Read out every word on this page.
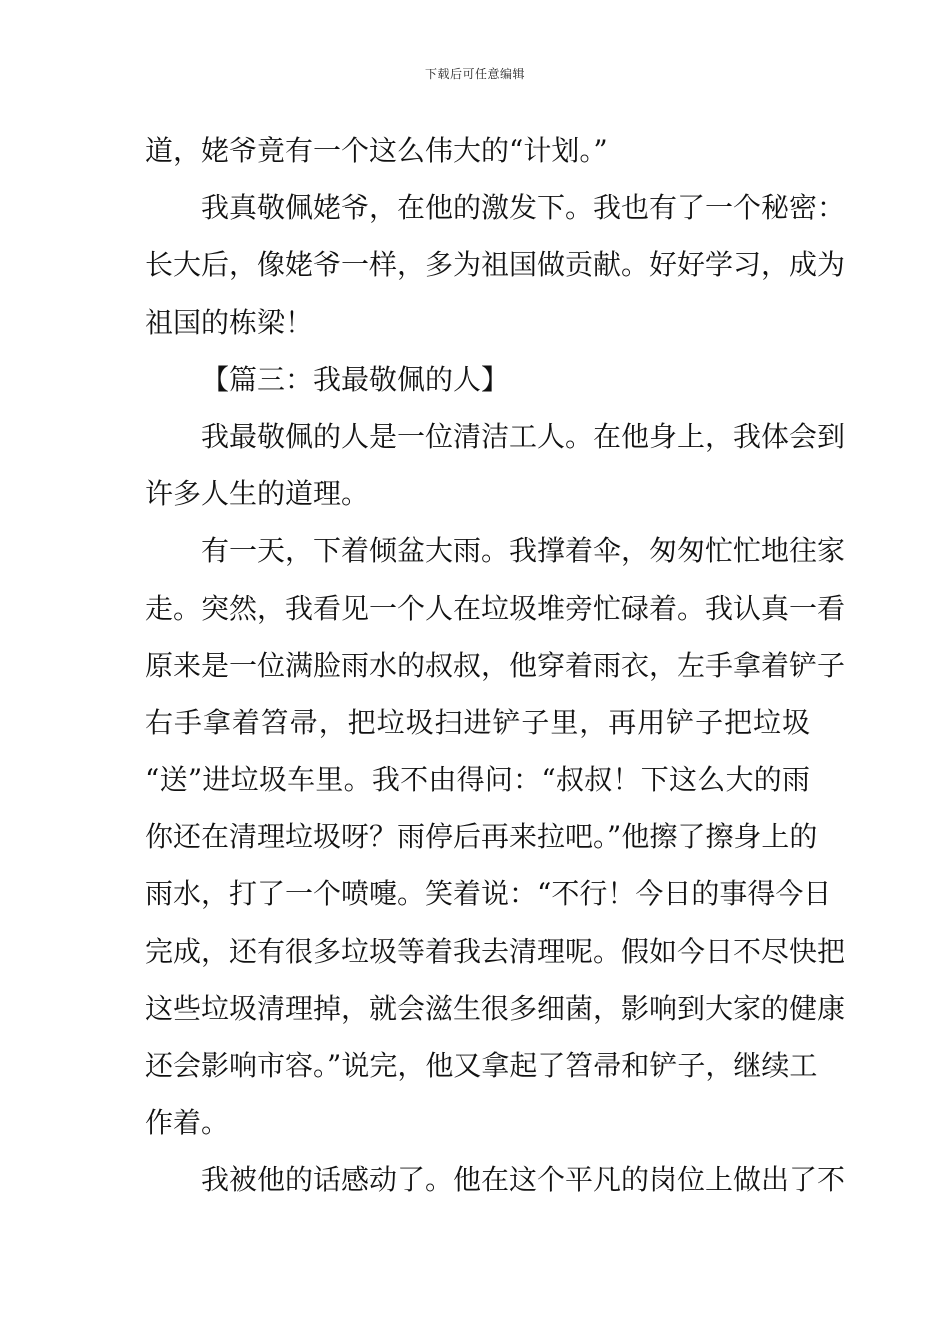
下载后可任意编辑
道，姥爷竟有一个这么伟大的“计划。”
我真敬佩姥爷，在他的激发下。我也有了一个秘密：
长大后，像姥爷一样，多为祖国做贡献。好好学习，成为
祖国的栋梁！
【篇三：我最敬佩的人】
我最敬佩的人是一位清洁工人。在他身上，我体会到
许多人生的道理。
有一天，下着倾盆大雨。我撑着伞，匆匆忙忙地往家
走。突然，我看见一个人在垃圾堆旁忙碌着。我认真一看
原来是一位满脸雨水的叔叔，他穿着雨衣，左手拿着铲子
右手拿着笤帚，把垃圾扫进铲子里，再用铲子把垃圾
“送”进垃圾车里。我不由得问：“叔叔！下这么大的雨
你还在清理垃圾呀？雨停后再来拉吧。”他擦了擦身上的
雨水，打了一个喷嚏。笑着说：“不行！今日的事得今日
完成，还有很多垃圾等着我去清理呢。假如今日不尽快把
这些垃圾清理掉，就会滋生很多细菌，影响到大家的健康
还会影响市容。”说完，他又拿起了笤帚和铲子，继续工
作着。
我被他的话感动了。他在这个平凡的岗位上做出了不
